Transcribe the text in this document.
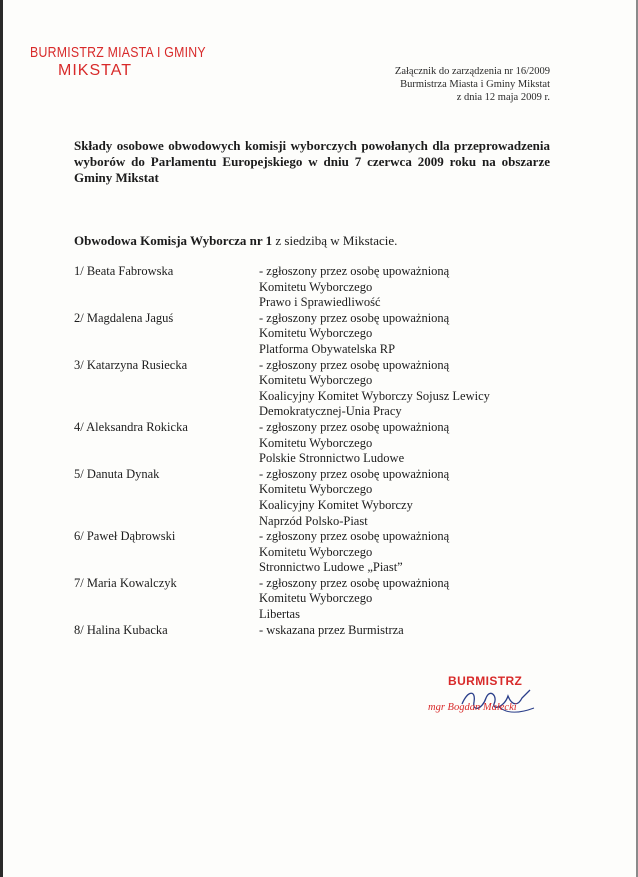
BURMISTRZ MIASTA I GMINY
MIKSTAT	Załącznik do zarządzenia nr 16/2009
Burmistrza Miasta i Gminy Mikstat
z dnia 12 maja 2009 r.
Składy osobowe obwodowych komisji wyborczych powołanych dla przeprowadzenia wyborów do Parlamentu Europejskiego w dniu 7 czerwca 2009 roku na obszarze Gminy Mikstat
Obwodowa Komisja Wyborcza nr 1 z siedzibą w Mikstacie.
1/ Beata Fabrowska	- zgłoszony przez osobę upoważnioną
Komitetu Wyborczego
Prawo i Sprawiedliwość
2/ Magdalena Jaguś	- zgłoszony przez osobę upoważnioną
Komitetu Wyborczego
Platforma Obywatelska RP
3/ Katarzyna Rusiecka	- zgłoszony przez osobę upoważnioną
Komitetu Wyborczego
Koalicyjny Komitet Wyborczy Sojusz Lewicy
Demokratycznej-Unia Pracy
4/ Aleksandra Rokicka	- zgłoszony przez osobę upoważnioną
Komitetu Wyborczego
Polskie Stronnictwo Ludowe
5/ Danuta Dynak	- zgłoszony przez osobę upoważnioną
Komitetu Wyborczego
Koalicyjny Komitet Wyborczy
Naprzód Polsko-Piast
6/ Paweł Dąbrowski	- zgłoszony przez osobę upoważnioną
Komitetu Wyborczego
Stronnictwo Ludowe „Piast”
7/ Maria Kowalczyk	- zgłoszony przez osobę upoważnioną
Komitetu Wyborczego
Libertas
8/ Halina Kubacka	- wskazana przez Burmistrza
BURMISTRZ
mgr Bogdan Małecki
